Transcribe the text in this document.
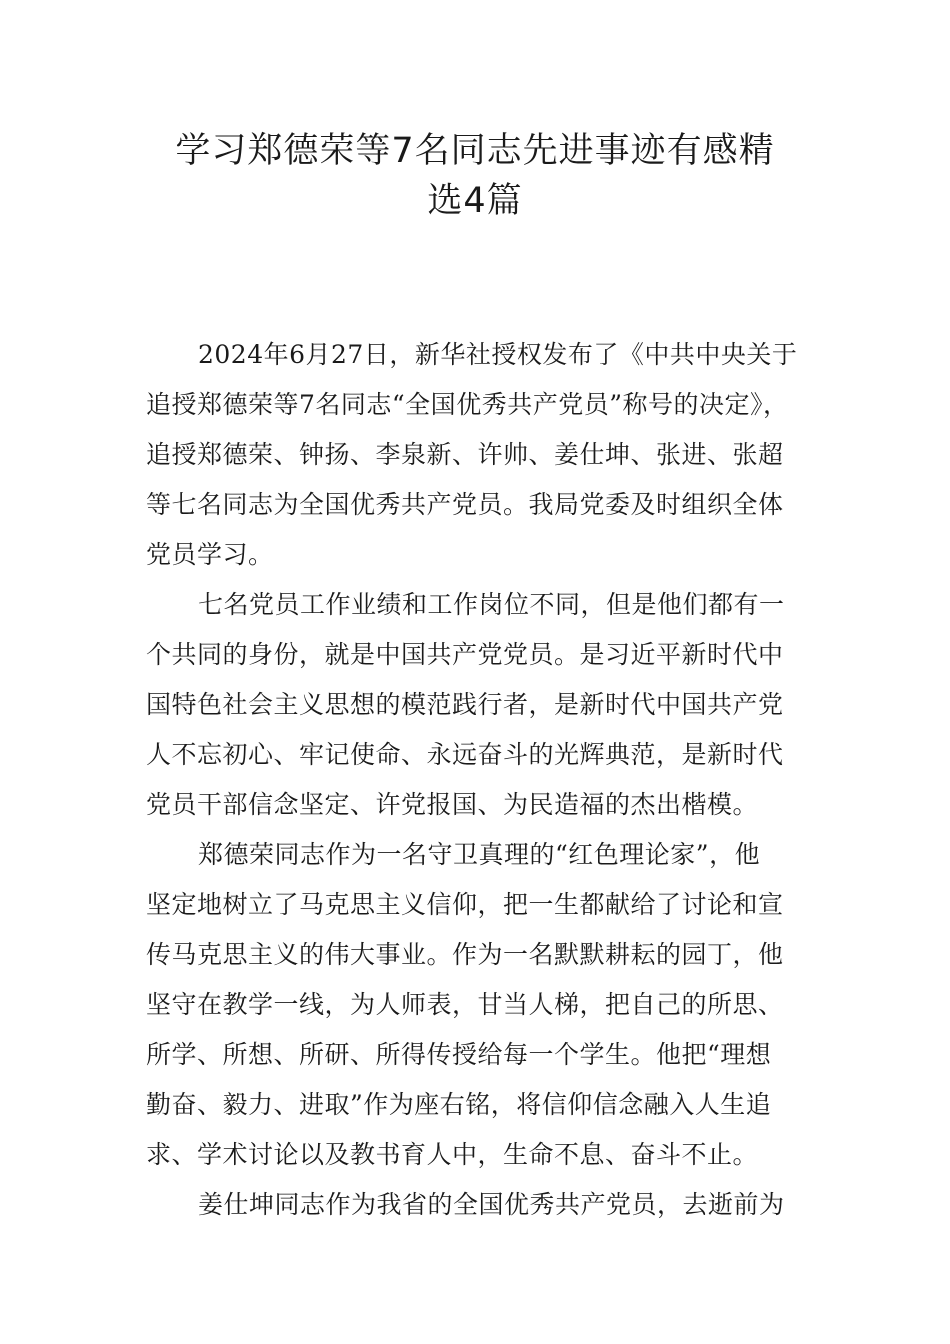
学习郑德荣等7名同志先进事迹有感精
选4篇
2024年6月27日，新华社授权发布了《中共中央关于
追授郑德荣等7名同志“全国优秀共产党员”称号的决定》，
追授郑德荣、钟扬、李泉新、许帅、姜仕坤、张进、张超
等七名同志为全国优秀共产党员。我局党委及时组织全体
党员学习。
七名党员工作业绩和工作岗位不同，但是他们都有一
个共同的身份，就是中国共产党党员。是习近平新时代中
国特色社会主义思想的模范践行者，是新时代中国共产党
人不忘初心、牢记使命、永远奋斗的光辉典范，是新时代
党员干部信念坚定、许党报国、为民造福的杰出楷模。
郑德荣同志作为一名守卫真理的“红色理论家”，他
坚定地树立了马克思主义信仰，把一生都献给了讨论和宣
传马克思主义的伟大事业。作为一名默默耕耘的园丁，他
坚守在教学一线，为人师表，甘当人梯，把自己的所思、
所学、所想、所研、所得传授给每一个学生。他把“理想
勤奋、毅力、进取”作为座右铭，将信仰信念融入人生追
求、学术讨论以及教书育人中，生命不息、奋斗不止。
姜仕坤同志作为我省的全国优秀共产党员，去逝前为
